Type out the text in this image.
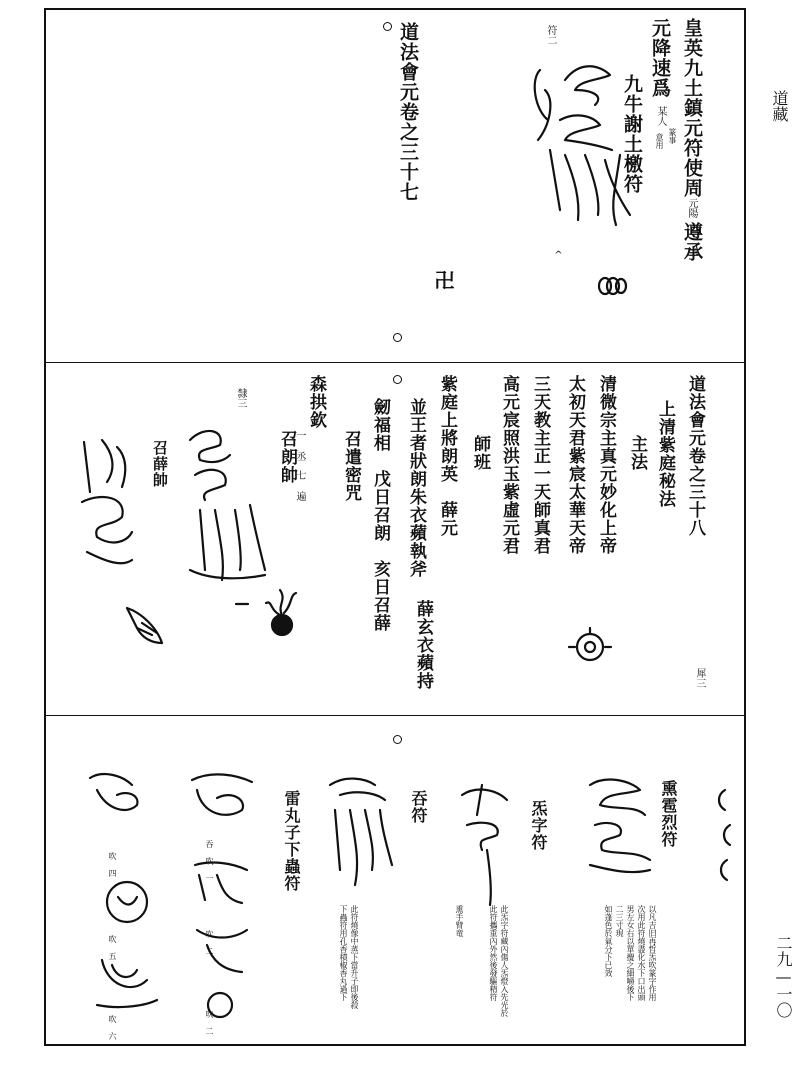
道藏
二九—一〇
皇英九土鎮元符使周
元陽
遵承
元降速爲
某人
篆事
意用
九牛謝土檄符
符二
^
道法會元卷之三十七
卍
道法會元卷之三十八
上清紫庭秘法
主法
清微宗主真元妙化上帝
太初天君紫宸太華天帝
三天教主正一天師真君
高元宸照洪玉紫虛元君
師班
紫庭上將朗英　薛元
並王者狀朗朱衣蘋執斧
薛玄衣蘋持
劒福相　戊日召朗　亥日召薛
召遣密咒
森拱欽
一 丞
七 遍
召朗帥
犀三
隸三
召薛帥
熏雹烈符
炁字符
吞符
雷丸子下蟲符
以凡吉旧再哲炁吹篆字作用
次用此符燒盡化水下口出頭
男左女右以單攪之細嚼後下
二三寸現
如蓬色於氣分下已效
此炁字符藏內傷人炁燈入先光於
此符攜重內外然後發驅精符
熏手臂竜
此符燒像中蒸下當升子即後殺
下蟲符用孔香積椒香丸過下
吹 四
吹 五
吹 六
吞 吹 一
吹 二
吹 二
